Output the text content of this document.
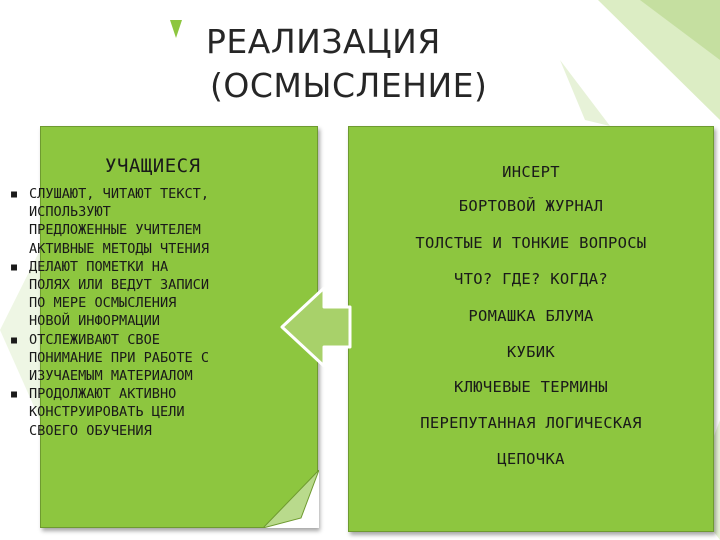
РЕАЛИЗАЦИЯ
(ОСМЫСЛЕНИЕ)
УЧАЩИЕСЯ
■ СЛУШАЮТ, ЧИТАЮТ ТЕКСТ,
ИСПОЛЬЗУЮТ
ПРЕДЛОЖЕННЫЕ УЧИТЕЛЕМ
АКТИВНЫЕ МЕТОДЫ ЧТЕНИЯ
■ ДЕЛАЮТ ПОМЕТКИ НА
ПОЛЯХ ИЛИ ВЕДУТ ЗАПИСИ
ПО МЕРЕ ОСМЫСЛЕНИЯ
НОВОЙ ИНФОРМАЦИИ
■ ОТСЛЕЖИВАЮТ СВОЕ
ПОНИМАНИЕ ПРИ РАБОТЕ С
ИЗУЧАЕМЫМ МАТЕРИАЛОМ
■ ПРОДОЛЖАЮТ АКТИВНО
КОНСТРУИРОВАТЬ ЦЕЛИ
СВОЕГО ОБУЧЕНИЯ
ИНСЕРТ
БОРТОВОЙ ЖУРНАЛ
ТОЛСТЫЕ И ТОНКИЕ ВОПРОСЫ
ЧТО? ГДЕ? КОГДА?
РОМАШКА БЛУМА
КУБИК
КЛЮЧЕВЫЕ ТЕРМИНЫ
ПЕРЕПУТАННАЯ ЛОГИЧЕСКАЯ
ЦЕПОЧКА
